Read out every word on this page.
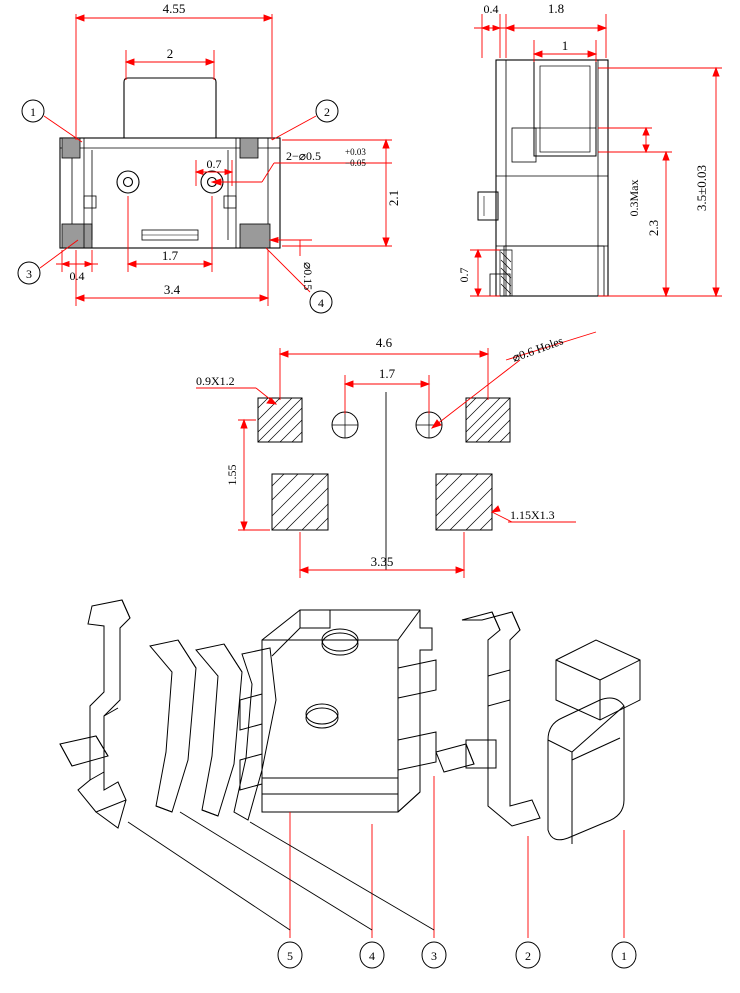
1	2
3
4
4.55
2
2.1
0.7
2−⌀0.5	+0.03
−0.05
1.7
0.4
3.4	⌀0.15
0.4	1.8
1
3.5±0.03
2.3
0.3Max
0.7
4.6
1.7
⌀0.6 Holes
0.9X1.2
1.55
1.15X1.3
3.35
5	4	3	2	1
